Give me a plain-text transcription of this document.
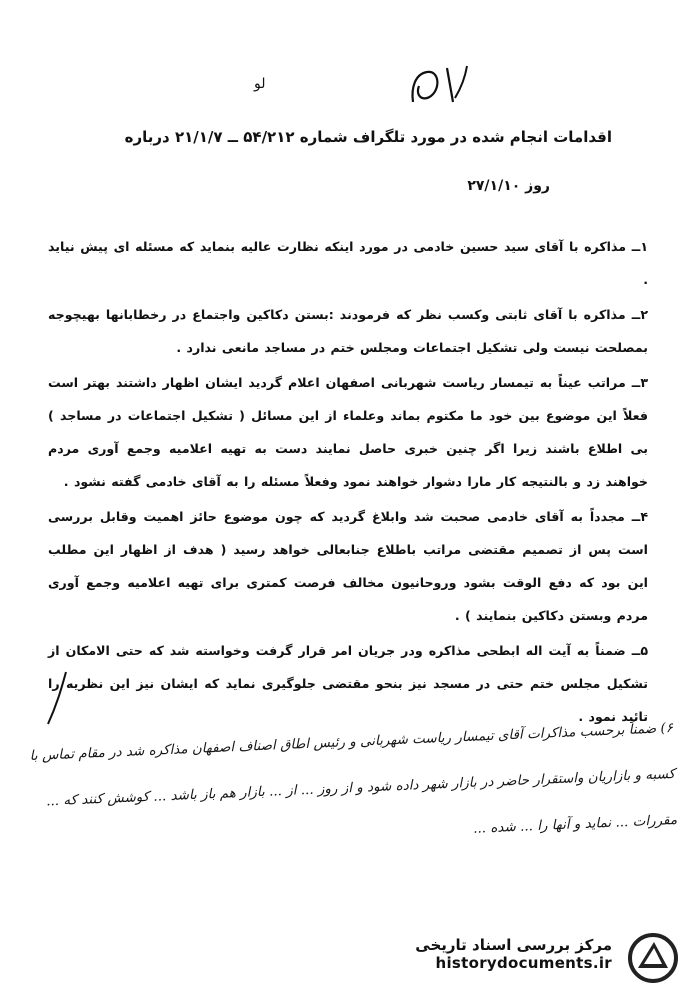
لو
اقدامات انجام شده در مورد تلگراف شماره ۵۴/۲۱۲ ــ ۲۱/۱/۷ درباره
روز ۲۷/۱/۱۰

۱ــ مذاکره با آقای سید حسین خادمی در مورد اینکه نظارت عالیه بنماید که مسئله ای پیش نیاید .

۲ــ مذاکره با آقای ثابتی وکسب نظر که فرمودند :بستن دکاکین واجتماع در رخطابانها بهیچوجه بمصلحت نیست ولی تشکیل اجتماعات ومجلس ختم در مساجد مانعی ندارد .

۳ــ مراتب عیناً به تیمسار ریاست شهربانی اصفهان اعلام گردید ایشان اظهار داشتند بهتر است فعلاً این موضوع بین خود ما مکتوم بماند وعلماء از این مسائل ( تشکیل اجتماعات در مساجد ) بی اطلاع باشند زیرا اگر چنین خبری حاصل نمایند دست به تهیه اعلامیه وجمع آوری مردم خواهند زد و بالنتیجه کار مارا دشوار خواهند نمود وفعلاً مسئله را به آقای خادمی گفته نشود .

۴ــ مجدداً به آقای خادمی صحبت شد وابلاغ گردید که چون موضوع حائز اهمیت وقابل بررسی است پس از تصمیم مقتضی مراتب باطلاع جنابعالی خواهد رسید ( هدف از اظهار این مطلب این بود که دفع الوقت بشود وروحانیون مخالف فرصت کمتری برای تهیه اعلامیه وجمع آوری مردم وبستن دکاکین بنمایند ) .

۵ــ ضمناً به آیت اله ابطحی مذاکره ودر جریان امر قرار گرفت وخواسته شد که حتی الامکان از تشکیل مجلس ختم حتی در مسجد نیز بنحو مقتضی جلوگیری نماید که ایشان نیز این نظریه را تائید نمود .

۶) ضمناً برحسب مذاکرات آقای تیمسار ریاست شهربانی و رئیس اطاق اصناف اصفهان مذاکره شد در مقام تماس با کسبه و بازاریان واستقرار حاضر در بازار شهر داده شود و از روز ... از ... بازار هم باز باشد ... کوشش کنند که ... مقررات ... نماید و آنها را ... شده ...
مرکز بررسی اسناد تاریخی
historydocuments.ir
